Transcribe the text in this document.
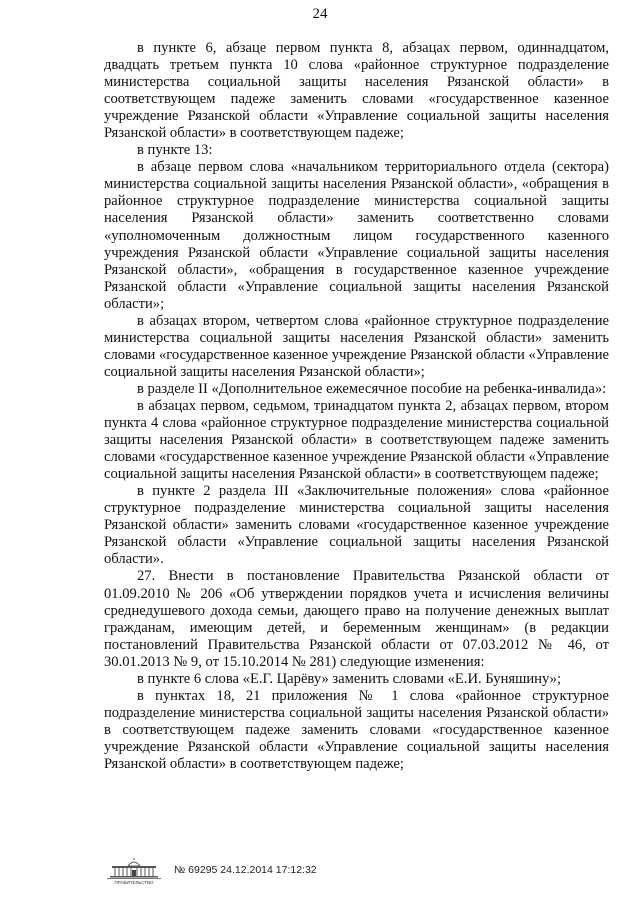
24

в пункте 6, абзаце первом пункта 8, абзацах первом, одиннадцатом, двадцать третьем пункта 10 слова «районное структурное подразделение министерства социальной защиты населения Рязанской области» в соответствующем падеже заменить словами «государственное казенное учреждение Рязанской области «Управление социальной защиты населения Рязанской области» в соответствующем падеже;

в пункте 13:

в абзаце первом слова «начальником территориального отдела (сектора) министерства социальной защиты населения Рязанской области», «обращения в районное структурное подразделение министерства социальной защиты населения Рязанской области» заменить соответственно словами «уполномоченным должностным лицом государственного казенного учреждения Рязанской области «Управление социальной защиты населения Рязанской области», «обращения в государственное казенное учреждение Рязанской области «Управление социальной защиты населения Рязанской области»;

в абзацах втором, четвертом слова «районное структурное подразделение министерства социальной защиты населения Рязанской области» заменить словами «государственное казенное учреждение Рязанской области «Управление социальной защиты населения Рязанской области»;

в разделе II «Дополнительное ежемесячное пособие на ребенка-инвалида»:

в абзацах первом, седьмом, тринадцатом пункта 2, абзацах первом, втором пункта 4 слова «районное структурное подразделение министерства социальной защиты населения Рязанской области» в соответствующем падеже заменить словами «государственное казенное учреждение Рязанской области «Управление социальной защиты населения Рязанской области» в соответствующем падеже;

в пункте 2 раздела III «Заключительные положения» слова «районное структурное подразделение министерства социальной защиты населения Рязанской области» заменить словами «государственное казенное учреждение Рязанской области «Управление социальной защиты населения Рязанской области».

27. Внести в постановление Правительства Рязанской области от 01.09.2010 № 206 «Об утверждении порядков учета и исчисления величины среднедушевого дохода семьи, дающего право на получение денежных выплат гражданам, имеющим детей, и беременным женщинам» (в редакции постановлений Правительства Рязанской области от 07.03.2012 № 46, от 30.01.2013 № 9, от 15.10.2014 № 281) следующие изменения:

в пункте 6 слова «Е.Г. Царёву» заменить словами «Е.И. Буняшину»;

в пунктах 18, 21 приложения № 1 слова «районное структурное подразделение министерства социальной защиты населения Рязанской области» в соответствующем падеже заменить словами «государственное казенное учреждение Рязанской области «Управление социальной защиты населения Рязанской области» в соответствующем падеже;

ПРАВИТЕЛЬСТВО
№ 69295 24.12.2014 17:12:32
